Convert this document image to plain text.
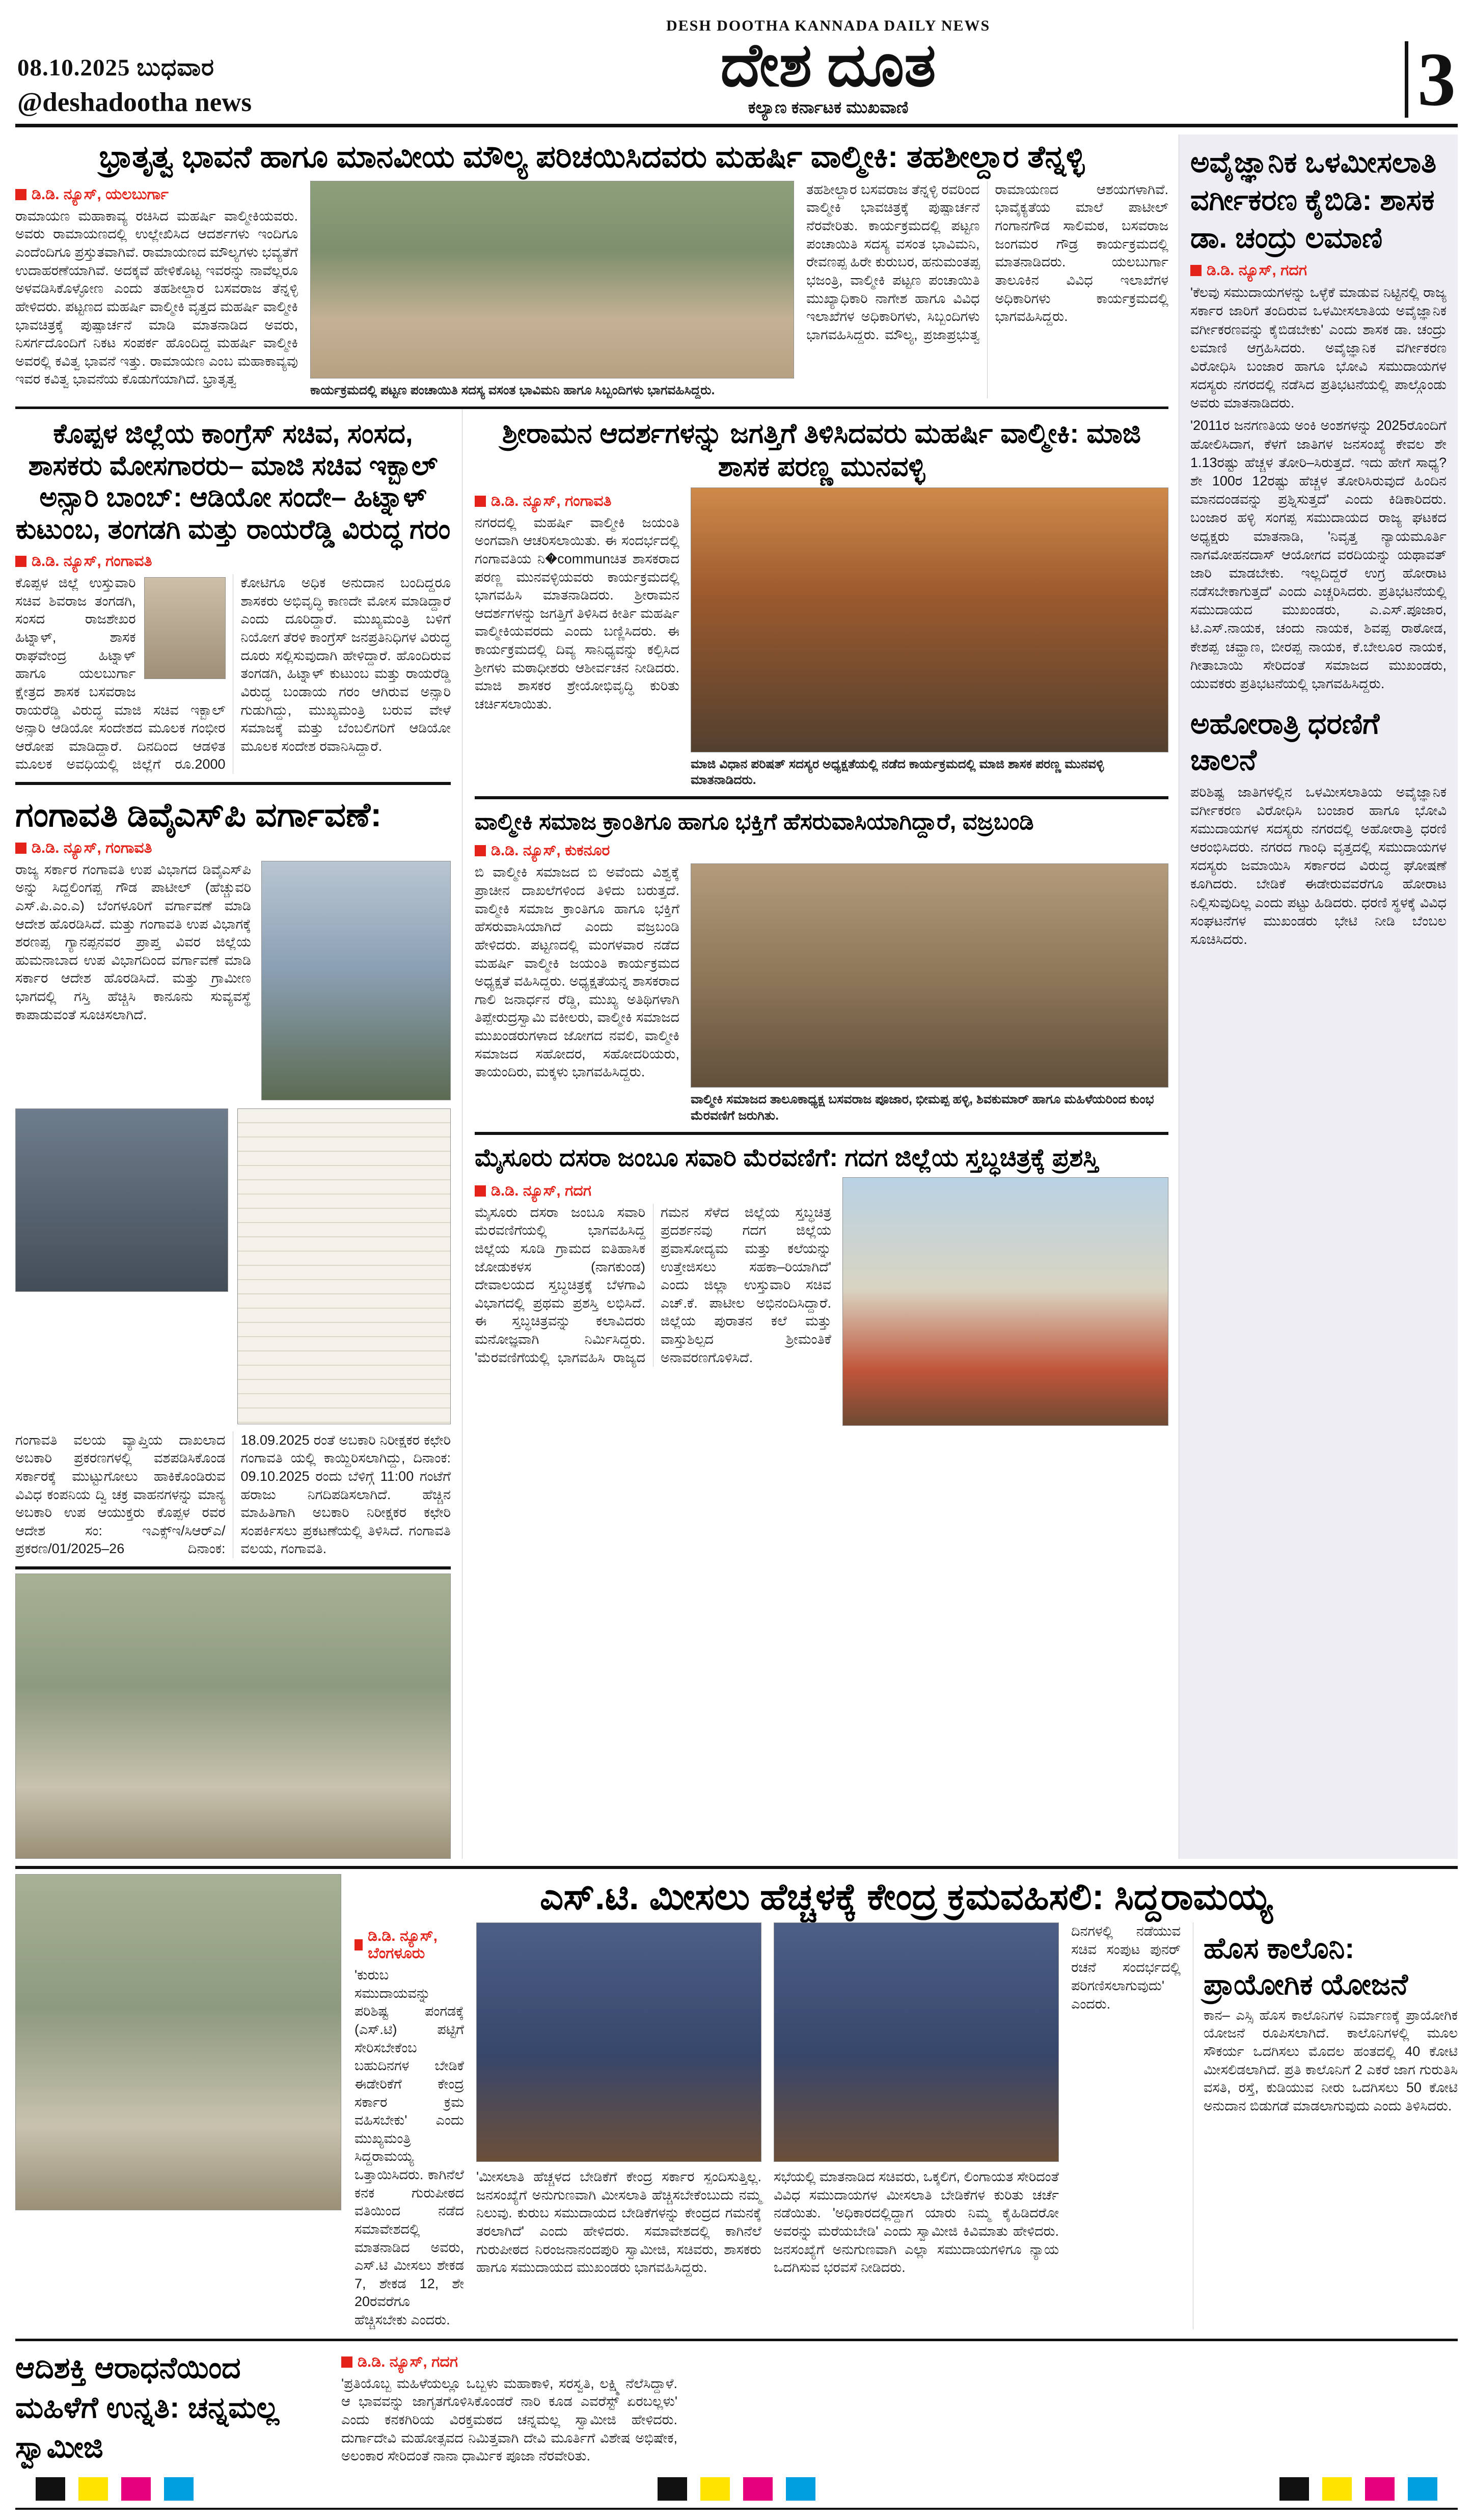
08.10.2025 ಬುಧವಾರ
@deshadootha news
DESH DOOTHA KANNADA DAILY NEWS
ದೇಶ ದೂತ
ಕಲ್ಯಾಣ ಕರ್ನಾಟಕ ಮುಖವಾಣಿ	3
ಭ್ರಾತೃತ್ವ ಭಾವನೆ ಹಾಗೂ ಮಾನವೀಯ ಮೌಲ್ಯ ಪರಿಚಯಿಸಿದವರು ಮಹರ್ಷಿ ವಾಲ್ಮೀಕಿ: ತಹಶೀಲ್ದಾರ ತೆನ್ನಳ್ಳಿ
ಡಿ.ಡಿ. ನ್ಯೂಸ್, ಯಲಬುರ್ಗಾ
ರಾಮಾಯಣ ಮಹಾಕಾವ್ಯ ರಚಿಸಿದ ಮಹರ್ಷಿ ವಾಲ್ಮೀಕಿಯವರು. ಅವರು ರಾಮಾಯಣದಲ್ಲಿ ಉಲ್ಲೇಖಿಸಿದ ಆದರ್ಶಗಳು ಇಂದಿಗೂ ಎಂದೆಂದಿಗೂ ಪ್ರಸ್ತುತವಾಗಿವೆ. ರಾಮಾಯಣದ ಮೌಲ್ಯಗಳು ಭವ್ಯತೆಗೆ ಉದಾಹರಣೆಯಾಗಿವೆ. ಅದಕ್ಕವೆ ಹೇಳಿಕೊಟ್ಟ ಇವರನ್ನು ನಾವೆಲ್ಲರೂ ಅಳವಡಿಸಿಕೊಳ್ಳೋಣ ಎಂದು ತಹಶೀಲ್ದಾರ ಬಸವರಾಜ ತೆನ್ನಳ್ಳಿ ಹೇಳಿದರು. ಪಟ್ಟಣದ ಮಹರ್ಷಿ ವಾಲ್ಮೀಕಿ ವೃತ್ತದ ಮಹರ್ಷಿ ವಾಲ್ಮೀಕಿ ಭಾವಚಿತ್ರಕ್ಕೆ ಪುಷ್ಪಾರ್ಚನೆ ಮಾಡಿ ಮಾತನಾಡಿದ ಅವರು, ನಿಸರ್ಗದೊಂದಿಗೆ ನಿಕಟ ಸಂಪರ್ಕ ಹೊಂದಿದ್ದ ಮಹರ್ಷಿ ವಾಲ್ಮೀಕಿ ಅವರಲ್ಲಿ ಕವಿತ್ವ ಭಾವನೆ ಇತ್ತು. ರಾಮಾಯಣ ಎಂಬ ಮಹಾಕಾವ್ಯವು ಇವರ ಕವಿತ್ವ ಭಾವನೆಯ ಕೊಡುಗೆಯಾಗಿದೆ. ಭ್ರಾತೃತ್ವ
ಕಾರ್ಯಕ್ರಮದಲ್ಲಿ ಪಟ್ಟಣ ಪಂಚಾಯಿತಿ ಸದಸ್ಯ ವಸಂತ ಭಾವಿಮನಿ ಹಾಗೂ ಸಿಬ್ಬಂದಿಗಳು ಭಾಗವಹಿಸಿದ್ದರು.
ತಹಶೀಲ್ದಾರ ಬಸವರಾಜ ತೆನ್ನಳ್ಳಿ ರವರಿಂದ ವಾಲ್ಮೀಕಿ ಭಾವಚಿತ್ರಕ್ಕೆ ಪುಷ್ಪಾರ್ಚನೆ ನೆರವೇರಿತು. ಕಾರ್ಯಕ್ರಮದಲ್ಲಿ ಪಟ್ಟಣ ಪಂಚಾಯಿತಿ ಸದಸ್ಯ ವಸಂತ ಭಾವಿಮನಿ, ರೇವಣಪ್ಪ ಹಿರೇ ಕುರುಬರ, ಹನುಮಂತಪ್ಪ ಭಜಂತ್ರಿ, ವಾಲ್ಮೀಕಿ ಪಟ್ಟಣ ಪಂಚಾಯಿತಿ ಮುಖ್ಯಾಧಿಕಾರಿ ನಾಗೇಶ ಹಾಗೂ ವಿವಿಧ ಇಲಾಖೆಗಳ ಅಧಿಕಾರಿಗಳು, ಸಿಬ್ಬಂದಿಗಳು ಭಾಗವಹಿಸಿದ್ದರು. ಮೌಲ್ಯ, ಪ್ರಜಾಪ್ರಭುತ್ವ ರಾಮಾಯಣದ ಆಶಯಗಳಾಗಿವೆ. ಭಾವೈಕ್ಯತೆಯ ಮಾಲೆ ಪಾಟೀಲ್ ಗಂಗಾನಗೌಡ ಸಾಲಿಮಠ, ಬಸವರಾಜ ಜಂಗಮರ ಗೌಡ್ರ ಕಾರ್ಯಕ್ರಮದಲ್ಲಿ ಮಾತನಾಡಿದರು. ಯಲಬುರ್ಗಾ ತಾಲೂಕಿನ ವಿವಿಧ ಇಲಾಖೆಗಳ ಅಧಿಕಾರಿಗಳು ಕಾರ್ಯಕ್ರಮದಲ್ಲಿ ಭಾಗವಹಿಸಿದ್ದರು.
ಕೊಪ್ಪಳ ಜಿಲ್ಲೆಯ ಕಾಂಗ್ರೆಸ್ ಸಚಿವ, ಸಂಸದ, ಶಾಸಕರು ಮೋಸಗಾರರು– ಮಾಜಿ ಸಚಿವ ಇಕ್ಬಾಲ್ ಅನ್ಸಾರಿ ಬಾಂಬ್: ಆಡಿಯೋ ಸಂದೇ– ಹಿಟ್ನಾಳ್ ಕುಟುಂಬ, ತಂಗಡಗಿ ಮತ್ತು ರಾಯರೆಡ್ಡಿ ವಿರುದ್ಧ ಗರಂ
ಡಿ.ಡಿ. ನ್ಯೂಸ್, ಗಂಗಾವತಿ
ಕೊಪ್ಪಳ ಜಿಲ್ಲೆ ಉಸ್ತುವಾರಿ ಸಚಿವ ಶಿವರಾಜ ತಂಗಡಗಿ, ಸಂಸದ ರಾಜಶೇಖರ ಹಿಟ್ನಾಳ್, ಶಾಸಕ ರಾಘವೇಂದ್ರ ಹಿಟ್ನಾಳ್ ಹಾಗೂ ಯಲಬುರ್ಗಾ ಕ್ಷೇತ್ರದ ಶಾಸಕ ಬಸವರಾಜ ರಾಯರೆಡ್ಡಿ ವಿರುದ್ಧ ಮಾಜಿ ಸಚಿವ ಇಕ್ಬಾಲ್ ಅನ್ಸಾರಿ ಆಡಿಯೋ ಸಂದೇಶದ ಮೂಲಕ ಗಂಭೀರ ಆರೋಪ ಮಾಡಿದ್ದಾರೆ. ದಿನದಿಂದ ಆಡಳಿತ ಮೂಲಕ ಅವಧಿಯಲ್ಲಿ ಜಿಲ್ಲೆಗೆ ರೂ.2000 ಕೋಟಿಗೂ ಅಧಿಕ ಅನುದಾನ ಬಂದಿದ್ದರೂ ಶಾಸಕರು ಅಭಿವೃದ್ಧಿ ಕಾಣದೇ ಮೋಸ ಮಾಡಿದ್ದಾರೆ ಎಂದು ದೂರಿದ್ದಾರೆ. ಮುಖ್ಯಮಂತ್ರಿ ಬಳಿಗೆ ನಿಯೋಗ ತೆರಳಿ ಕಾಂಗ್ರೆಸ್ ಜನಪ್ರತಿನಿಧಿಗಳ ವಿರುದ್ಧ ದೂರು ಸಲ್ಲಿಸುವುದಾಗಿ ಹೇಳಿದ್ದಾರೆ. ಹೊಂದಿರುವ ತಂಗಡಗಿ, ಹಿಟ್ನಾಳ್ ಕುಟುಂಬ ಮತ್ತು ರಾಯರೆಡ್ಡಿ ವಿರುದ್ಧ ಬಂಡಾಯ ಗರಂ ಆಗಿರುವ ಅನ್ಸಾರಿ ಗುಡುಗಿದ್ದು, ಮುಖ್ಯಮಂತ್ರಿ ಬರುವ ವೇಳೆ ಸಮಾಜಕ್ಕೆ ಮತ್ತು ಬೆಂಬಲಿಗರಿಗೆ ಆಡಿಯೋ ಮೂಲಕ ಸಂದೇಶ ರವಾನಿಸಿದ್ದಾರೆ.
ಗಂಗಾವತಿ ಡಿವೈಎಸ್‌ಪಿ ವರ್ಗಾವಣೆ:
ಡಿ.ಡಿ. ನ್ಯೂಸ್, ಗಂಗಾವತಿ
ರಾಜ್ಯ ಸರ್ಕಾರ ಗಂಗಾವತಿ ಉಪ ವಿಭಾಗದ ಡಿವೈಎಸ್‌ಪಿ ಅನ್ನು ಸಿದ್ದಲಿಂಗಪ್ಪ ಗೌಡ ಪಾಟೀಲ್ (ಹೆಚ್ಚುವರಿ ಎಸ್.ಪಿ.ಎಂ.ಎ) ಬೆಂಗಳೂರಿಗೆ ವರ್ಗಾವಣೆ ಮಾಡಿ ಆದೇಶ ಹೊರಡಿಸಿದೆ. ಮತ್ತು ಗಂಗಾವತಿ ಉಪ ವಿಭಾಗಕ್ಕೆ ಶರಣಪ್ಪ ಗ್ಯಾನಪ್ಪನವರ ಪ್ರಾಪ್ತ ವಿವರ ಜಿಲ್ಲೆಯ ಹುಮನಾಬಾದ ಉಪ ವಿಭಾಗದಿಂದ ವರ್ಗಾವಣೆ ಮಾಡಿ ಸರ್ಕಾರ ಆದೇಶ ಹೊರಡಿಸಿದೆ. ಮತ್ತು ಗ್ರಾಮೀಣ ಭಾಗದಲ್ಲಿ ಗಸ್ತಿ ಹೆಚ್ಚಿಸಿ ಕಾನೂನು ಸುವ್ಯವಸ್ಥೆ ಕಾಪಾಡುವಂತೆ ಸೂಚಿಸಲಾಗಿದೆ.
ಗಂಗಾವತಿ ವಲಯ ವ್ಯಾಪ್ತಿಯ ದಾಖಲಾದ ಅಬಕಾರಿ ಪ್ರಕರಣಗಳಲ್ಲಿ ವಶಪಡಿಸಿಕೊಂಡ ಸರ್ಕಾರಕ್ಕೆ ಮುಟ್ಟುಗೋಲು ಹಾಕಿಕೊಂಡಿರುವ ವಿವಿಧ ಕಂಪನಿಯ ದ್ವಿ ಚಕ್ರ ವಾಹನಗಳನ್ನು ಮಾನ್ಯ ಅಬಕಾರಿ ಉಪ ಆಯುಕ್ತರು ಕೊಪ್ಪಳ ರವರ ಆದೇಶ ಸಂ: ಇಎಕ್ಸ್‌ಇ/ಸಿಆರ್‌ಎ/ ಪ್ರಕರಣ/01/2025–26 ದಿನಾಂಕ: 18.09.2025 ರಂತೆ ಅಬಕಾರಿ ನಿರೀಕ್ಷಕರ ಕಛೇರಿ ಗಂಗಾವತಿ ಯಲ್ಲಿ ಕಾಯ್ದಿರಿಸಲಾಗಿದ್ದು, ದಿನಾಂಕ: 09.10.2025 ರಂದು ಬೆಳಿಗ್ಗೆ 11:00 ಗಂಟೆಗೆ ಹರಾಜು ನಿಗದಿಪಡಿಸಲಾಗಿದೆ. ಹೆಚ್ಚಿನ ಮಾಹಿತಿಗಾಗಿ ಅಬಕಾರಿ ನಿರೀಕ್ಷಕರ ಕಛೇರಿ ಸಂಪರ್ಕಿಸಲು ಪ್ರಕಟಣೆಯಲ್ಲಿ ತಿಳಿಸಿದೆ. ಗಂಗಾವತಿ ವಲಯ, ಗಂಗಾವತಿ.
ಶ್ರೀರಾಮನ ಆದರ್ಶಗಳನ್ನು ಜಗತ್ತಿಗೆ ತಿಳಿಸಿದವರು ಮಹರ್ಷಿ ವಾಲ್ಮೀಕಿ: ಮಾಜಿ ಶಾಸಕ ಪರಣ್ಣ ಮುನವಳ್ಳಿ
ಡಿ.ಡಿ. ನ್ಯೂಸ್, ಗಂಗಾವತಿ
ನಗರದಲ್ಲಿ ಮಹರ್ಷಿ ವಾಲ್ಮೀಕಿ ಜಯಂತಿ ಅಂಗವಾಗಿ ಆಚರಿಸಲಾಯಿತು. ಈ ಸಂದರ್ಭದಲ್ಲಿ ಗಂಗಾವತಿಯ ನಿ�communಚಿತ ಶಾಸಕರಾದ ಪರಣ್ಣ ಮುನವಳ್ಳಿಯವರು ಕಾರ್ಯಕ್ರಮದಲ್ಲಿ ಭಾಗವಹಿಸಿ ಮಾತನಾಡಿದರು. ಶ್ರೀರಾಮನ ಆದರ್ಶಗಳನ್ನು ಜಗತ್ತಿಗೆ ತಿಳಿಸಿದ ಕೀರ್ತಿ ಮಹರ್ಷಿ ವಾಲ್ಮೀಕಿಯವರದು ಎಂದು ಬಣ್ಣಿಸಿದರು. ಈ ಕಾರ್ಯಕ್ರಮದಲ್ಲಿ ದಿವ್ಯ ಸಾನಿಧ್ಯವನ್ನು ಕಲ್ಪಿಸಿದ ಶ್ರೀಗಳು ಮಠಾಧೀಶರು ಆಶೀರ್ವಚನ ನೀಡಿದರು. ಮಾಜಿ ಶಾಸಕರ ಶ್ರೇಯೋಭಿವೃದ್ಧಿ ಕುರಿತು ಚರ್ಚಿಸಲಾಯಿತು.
ಮಾಜಿ ವಿಧಾನ ಪರಿಷತ್ ಸದಸ್ಯರ ಅಧ್ಯಕ್ಷತೆಯಲ್ಲಿ ನಡೆದ ಕಾರ್ಯಕ್ರಮದಲ್ಲಿ ಮಾಜಿ ಶಾಸಕ ಪರಣ್ಣ ಮುನವಳ್ಳಿ ಮಾತನಾಡಿದರು.
ವಾಲ್ಮೀಕಿ ಸಮಾಜ ಕ್ರಾಂತಿಗೂ ಹಾಗೂ ಭಕ್ತಿಗೆ ಹೆಸರುವಾಸಿಯಾಗಿದ್ದಾರೆ, ವಜ್ರಬಂಡಿ
ಡಿ.ಡಿ. ನ್ಯೂಸ್, ಕುಕನೂರ
ಬಿ ವಾಲ್ಮೀಕಿ ಸಮಾಜದ ಬಿ ಅವೆಂದು ವಿಶ್ವಕ್ಕೆ ಪ್ರಾಚೀನ ದಾಖಲೆಗಳಿಂದ ತಿಳಿದು ಬರುತ್ತದೆ. ವಾಲ್ಮೀಕಿ ಸಮಾಜ ಕ್ರಾಂತಿಗೂ ಹಾಗೂ ಭಕ್ತಿಗೆ ಹೆಸರುವಾಸಿಯಾಗಿದೆ ಎಂದು ವಜ್ರಬಂಡಿ ಹೇಳಿದರು. ಪಟ್ಟಣದಲ್ಲಿ ಮಂಗಳವಾರ ನಡೆದ ಮಹರ್ಷಿ ವಾಲ್ಮೀಕಿ ಜಯಂತಿ ಕಾರ್ಯಕ್ರಮದ ಅಧ್ಯಕ್ಷತೆ ವಹಿಸಿದ್ದರು. ಅಧ್ಯಕ್ಷತೆಯನ್ನ ಶಾಸಕರಾದ ಗಾಲಿ ಜನಾರ್ಧನ ರೆಡ್ಡಿ, ಮುಖ್ಯ ಅತಿಥಿಗಳಾಗಿ ತಿಪ್ಪೇರುದ್ರಸ್ವಾಮಿ ವಕೀಲರು, ವಾಲ್ಮೀಕಿ ಸಮಾಜದ ಮುಖಂಡರುಗಳಾದ ಜೋಗದ ನವಲಿ, ವಾಲ್ಮೀಕಿ ಸಮಾಜದ ಸಹೋದರ, ಸಹೋದರಿಯರು, ತಾಯಂದಿರು, ಮಕ್ಕಳು ಭಾಗವಹಿಸಿದ್ದರು.
ವಾಲ್ಮೀಕಿ ಸಮಾಜದ ತಾಲೂಕಾಧ್ಯಕ್ಷ ಬಸವರಾಜ ಪೂಜಾರ, ಭೀಮಪ್ಪ ಹಳ್ಳಿ, ಶಿವಕುಮಾರ್ ಹಾಗೂ ಮಹಿಳೆಯರಿಂದ ಕುಂಭ ಮೆರವಣಿಗೆ ಜರುಗಿತು.
ಮೈಸೂರು ದಸರಾ ಜಂಬೂ ಸವಾರಿ ಮೆರವಣಿಗೆ: ಗದಗ ಜಿಲ್ಲೆಯ ಸ್ತಬ್ಧಚಿತ್ರಕ್ಕೆ ಪ್ರಶಸ್ತಿ
ಡಿ.ಡಿ. ನ್ಯೂಸ್, ಗದಗ
ಮೈಸೂರು ದಸರಾ ಜಂಬೂ ಸವಾರಿ ಮೆರವಣಿಗೆಯಲ್ಲಿ ಭಾಗವಹಿಸಿದ್ದ ಜಿಲ್ಲೆಯ ಸೂಡಿ ಗ್ರಾಮದ ಐತಿಹಾಸಿಕ ಜೋಡುಕಳಸ (ನಾಗಕುಂಡ) ದೇವಾಲಯದ ಸ್ತಬ್ಧಚಿತ್ರಕ್ಕೆ ಬೆಳಗಾವಿ ವಿಭಾಗದಲ್ಲಿ ಪ್ರಥಮ ಪ್ರಶಸ್ತಿ ಲಭಿಸಿದೆ. ಈ ಸ್ತಬ್ಧಚಿತ್ರವನ್ನು ಕಲಾವಿದರು ಮನೋಜ್ಞವಾಗಿ ನಿರ್ಮಿಸಿದ್ದರು. 'ಮೆರವಣಿಗೆಯಲ್ಲಿ ಭಾಗವಹಿಸಿ ರಾಜ್ಯದ ಗಮನ ಸೆಳೆದ ಜಿಲ್ಲೆಯ ಸ್ತಬ್ಧಚಿತ್ರ ಪ್ರದರ್ಶನವು ಗದಗ ಜಿಲ್ಲೆಯ ಪ್ರವಾಸೋದ್ಯಮ ಮತ್ತು ಕಲೆಯನ್ನು ಉತ್ತೇಜಿಸಲು ಸಹಕಾ–ರಿಯಾಗಿದೆ' ಎಂದು ಜಿಲ್ಲಾ ಉಸ್ತುವಾರಿ ಸಚಿವ ಎಚ್.ಕೆ. ಪಾಟೀಲ ಅಭಿನಂದಿಸಿದ್ದಾರೆ. ಜಿಲ್ಲೆಯ ಪುರಾತನ ಕಲೆ ಮತ್ತು ವಾಸ್ತುಶಿಲ್ಪದ ಶ್ರೀಮಂತಿಕೆ ಅನಾವರಣಗೊಳಿಸಿದೆ.
ಅವೈಜ್ಞಾನಿಕ ಒಳಮೀಸಲಾತಿ ವರ್ಗೀಕರಣ ಕೈಬಿಡಿ: ಶಾಸಕ ಡಾ. ಚಂದ್ರು ಲಮಾಣಿ
ಡಿ.ಡಿ. ನ್ಯೂಸ್, ಗದಗ
'ಕೆಲವು ಸಮುದಾಯಗಳನ್ನು ಒಳ್ಳೆಕೆ ಮಾಡುವ ನಿಟ್ಟಿನಲ್ಲಿ ರಾಜ್ಯ ಸರ್ಕಾರ ಜಾರಿಗೆ ತಂದಿರುವ ಒಳಮೀಸಲಾತಿಯ ಅವೈಜ್ಞಾನಿಕ ವರ್ಗೀಕರಣವನ್ನು ಕೈಬಿಡಬೇಕು' ಎಂದು ಶಾಸಕ ಡಾ. ಚಂದ್ರು ಲಮಾಣಿ ಆಗ್ರಹಿಸಿದರು. ಅವೈಜ್ಞಾನಿಕ ವರ್ಗೀಕರಣ ವಿರೋಧಿಸಿ ಬಂಜಾರ ಹಾಗೂ ಭೋವಿ ಸಮುದಾಯಗಳ ಸದಸ್ಯರು ನಗರದಲ್ಲಿ ನಡೆಸಿದ ಪ್ರತಿಭಟನೆಯಲ್ಲಿ ಪಾಲ್ಗೊಂಡು ಅವರು ಮಾತನಾಡಿದರು.
'2011ರ ಜನಗಣತಿಯ ಅಂಕಿ ಅಂಶಗಳನ್ನು 2025ರೊಂದಿಗೆ ಹೋಲಿಸಿದಾಗ, ಕೆಳಗೆ ಜಾತಿಗಳ ಜನಸಂಖ್ಯೆ ಕೇವಲ ಶೇ 1.13ರಷ್ಟು ಹೆಚ್ಚಳ ತೋರಿ–ಸಿರುತ್ತದೆ. ಇದು ಹೇಗೆ ಸಾಧ್ಯ? ಶೇ 100ರ 12ರಷ್ಟು ಹೆಚ್ಚಳ ತೋರಿಸಿರುವುದೆ ಹಿಂದಿನ ಮಾನದಂಡವನ್ನು ಪ್ರಶ್ನಿಸುತ್ತದೆ' ಎಂದು ಕಿಡಿಕಾರಿದರು. ಬಂಜಾರ ಹಳ್ಳಿ ಸಂಗಪ್ಪ ಸಮುದಾಯದ ರಾಜ್ಯ ಘಟಕದ ಅಧ್ಯಕ್ಷರು ಮಾತನಾಡಿ, 'ನಿವೃತ್ತ ನ್ಯಾಯಮೂರ್ತಿ ನಾಗಮೋಹನದಾಸ್ ಆಯೋಗದ ವರದಿಯನ್ನು ಯಥಾವತ್ ಜಾರಿ ಮಾಡಬೇಕು. ಇಲ್ಲದಿದ್ದರೆ ಉಗ್ರ ಹೋರಾಟ ನಡೆಸಬೇಕಾಗುತ್ತದೆ' ಎಂದು ಎಚ್ಚರಿಸಿದರು. ಪ್ರತಿಭಟನೆಯಲ್ಲಿ ಸಮುದಾಯದ ಮುಖಂಡರು, ಎ.ಎಸ್.ಪೂಜಾರ, ಟಿ.ಎಸ್.ನಾಯಕ, ಚಂದು ನಾಯಕ, ಶಿವಪ್ಪ ರಾಠೋಡ, ಕೇಶಪ್ಪ ಚವ್ಹಾಣ, ಬೀರಪ್ಪ ನಾಯಕ, ಕೆ.ಬೇಲೂರ ನಾಯಕ, ಗೀತಾಬಾಯಿ ಸೇರಿದಂತೆ ಸಮಾಜದ ಮುಖಂಡರು, ಯುವಕರು ಪ್ರತಿಭಟನೆಯಲ್ಲಿ ಭಾಗವಹಿಸಿದ್ದರು.
ಅಹೋರಾತ್ರಿ ಧರಣಿಗೆ ಚಾಲನೆ
ಪರಿಶಿಷ್ಟ ಜಾತಿಗಳಲ್ಲಿನ ಒಳಮೀಸಲಾತಿಯ ಅವೈಜ್ಞಾನಿಕ ವರ್ಗೀಕರಣ ವಿರೋಧಿಸಿ ಬಂಜಾರ ಹಾಗೂ ಭೋವಿ ಸಮುದಾಯಗಳ ಸದಸ್ಯರು ನಗರದಲ್ಲಿ ಅಹೋರಾತ್ರಿ ಧರಣಿ ಆರಂಭಿಸಿದರು. ನಗರದ ಗಾಂಧಿ ವೃತ್ತದಲ್ಲಿ ಸಮುದಾಯಗಳ ಸದಸ್ಯರು ಜಮಾಯಿಸಿ ಸರ್ಕಾರದ ವಿರುದ್ಧ ಘೋಷಣೆ ಕೂಗಿದರು. ಬೇಡಿಕೆ ಈಡೇರುವವರೆಗೂ ಹೋರಾಟ ನಿಲ್ಲಿಸುವುದಿಲ್ಲ ಎಂದು ಪಟ್ಟು ಹಿಡಿದರು. ಧರಣಿ ಸ್ಥಳಕ್ಕೆ ವಿವಿಧ ಸಂಘಟನೆಗಳ ಮುಖಂಡರು ಭೇಟಿ ನೀಡಿ ಬೆಂಬಲ ಸೂಚಿಸಿದರು.
ಎಸ್.ಟಿ. ಮೀಸಲು ಹೆಚ್ಚಳಕ್ಕೆ ಕೇಂದ್ರ ಕ್ರಮವಹಿಸಲಿ: ಸಿದ್ದರಾಮಯ್ಯ
ಡಿ.ಡಿ. ನ್ಯೂಸ್, ಬೆಂಗಳೂರು
'ಕುರುಬ ಸಮುದಾಯವನ್ನು ಪರಿಶಿಷ್ಟ ಪಂಗಡಕ್ಕೆ (ಎಸ್.ಟಿ) ಪಟ್ಟಿಗೆ ಸೇರಿಸಬೇಕೆಂಬ ಬಹುದಿನಗಳ ಬೇಡಿಕೆ ಈಡೇರಿಕೆಗೆ ಕೇಂದ್ರ ಸರ್ಕಾರ ಕ್ರಮ ವಹಿಸಬೇಕು' ಎಂದು ಮುಖ್ಯಮಂತ್ರಿ ಸಿದ್ದರಾಮಯ್ಯ ಒತ್ತಾಯಿಸಿದರು. ಕಾಗಿನೆಲೆ ಕನಕ ಗುರುಪೀಠದ ವತಿಯಿಂದ ನಡೆದ ಸಮಾವೇಶದಲ್ಲಿ ಮಾತನಾಡಿದ ಅವರು, ಎಸ್.ಟಿ ಮೀಸಲು ಶೇಕಡ 7, ಶೇಕಡ 12, ಶೇ 20ರವರೆಗೂ ಹೆಚ್ಚಿಸಬೇಕು ಎಂದರು.
'ಮೀಸಲಾತಿ ಹೆಚ್ಚಳದ ಬೇಡಿಕೆಗೆ ಕೇಂದ್ರ ಸರ್ಕಾರ ಸ್ಪಂದಿಸುತ್ತಿಲ್ಲ. ಜನಸಂಖ್ಯೆಗೆ ಅನುಗುಣವಾಗಿ ಮೀಸಲಾತಿ ಹೆಚ್ಚಿಸಬೇಕೆಂಬುದು ನಮ್ಮ ನಿಲುವು. ಕುರುಬ ಸಮುದಾಯದ ಬೇಡಿಕೆಗಳನ್ನು ಕೇಂದ್ರದ ಗಮನಕ್ಕೆ ತರಲಾಗಿದೆ' ಎಂದು ಹೇಳಿದರು. ಸಮಾವೇಶದಲ್ಲಿ ಕಾಗಿನೆಲೆ ಗುರುಪೀಠದ ನಿರಂಜನಾನಂದಪುರಿ ಸ್ವಾಮೀಜಿ, ಸಚಿವರು, ಶಾಸಕರು ಹಾಗೂ ಸಮುದಾಯದ ಮುಖಂಡರು ಭಾಗವಹಿಸಿದ್ದರು.
ಸಭೆಯಲ್ಲಿ ಮಾತನಾಡಿದ ಸಚಿವರು, ಒಕ್ಕಲಿಗ, ಲಿಂಗಾಯತ ಸೇರಿದಂತೆ ವಿವಿಧ ಸಮುದಾಯಗಳ ಮೀಸಲಾತಿ ಬೇಡಿಕೆಗಳ ಕುರಿತು ಚರ್ಚೆ ನಡೆಯಿತು. 'ಅಧಿಕಾರದಲ್ಲಿದ್ದಾಗ ಯಾರು ನಿಮ್ಮ ಕೈಹಿಡಿದರೋ ಅವರನ್ನು ಮರೆಯಬೇಡಿ' ಎಂದು ಸ್ವಾಮೀಜಿ ಕಿವಿಮಾತು ಹೇಳಿದರು. ಜನಸಂಖ್ಯೆಗೆ ಅನುಗುಣವಾಗಿ ಎಲ್ಲಾ ಸಮುದಾಯಗಳಿಗೂ ನ್ಯಾಯ ಒದಗಿಸುವ ಭರವಸೆ ನೀಡಿದರು.
ದಿನಗಳಲ್ಲಿ ನಡೆಯುವ ಸಚಿವ ಸಂಪುಟ ಪುನರ್ ರಚನೆ ಸಂದರ್ಭದಲ್ಲಿ ಪರಿಗಣಿಸಲಾಗುವುದು' ಎಂದರು.
ಹೊಸ ಕಾಲೊನಿ:
ಪ್ರಾಯೋಗಿಕ ಯೋಜನೆ
ಕಾನ– ಎಸ್ಸಿ ಹೊಸ ಕಾಲೊನಿಗಳ ನಿರ್ಮಾಣಕ್ಕೆ ಪ್ರಾಯೋಗಿಕ ಯೋಜನೆ ರೂಪಿಸಲಾಗಿದೆ. ಕಾಲೊನಿಗಳಲ್ಲಿ ಮೂಲ ಸೌಕರ್ಯ ಒದಗಿಸಲು ಮೊದಲ ಹಂತದಲ್ಲಿ 40 ಕೋಟಿ ಮೀಸಲಿಡಲಾಗಿದೆ. ಪ್ರತಿ ಕಾಲೊನಿಗೆ 2 ಎಕರೆ ಜಾಗ ಗುರುತಿಸಿ ವಸತಿ, ರಸ್ತೆ, ಕುಡಿಯುವ ನೀರು ಒದಗಿಸಲು 50 ಕೋಟಿ ಅನುದಾನ ಬಿಡುಗಡೆ ಮಾಡಲಾಗುವುದು ಎಂದು ತಿಳಿಸಿದರು.
ಆದಿಶಕ್ತಿ ಆರಾಧನೆಯಿಂದ ಮಹಿಳೆಗೆ ಉನ್ನತಿ: ಚನ್ನಮಲ್ಲ ಸ್ವಾಮೀಜಿ
ಡಿ.ಡಿ. ನ್ಯೂಸ್, ಗದಗ
'ಪ್ರತಿಯೊಬ್ಬ ಮಹಿಳೆಯಲ್ಲೂ ಒಬ್ಬಳು ಮಹಾಕಾಳಿ, ಸರಸ್ವತಿ, ಲಕ್ಷ್ಮಿ ನೆಲೆಸಿದ್ದಾಳೆ. ಆ ಭಾವವನ್ನು ಜಾಗೃತಗೊಳಿಸಿಕೊಂಡರೆ ನಾರಿ ಕೂಡ ಎವರೆಸ್ಟ್ ಏರಬಲ್ಲಳು' ಎಂದು ಕನಕಗಿರಿಯ ವಿರಕ್ತಮಠದ ಚನ್ನಮಲ್ಲ ಸ್ವಾಮೀಜಿ ಹೇಳಿದರು. ದುರ್ಗಾದೇವಿ ಮಹೋತ್ಸವದ ನಿಮಿತ್ತವಾಗಿ ದೇವಿ ಮೂರ್ತಿಗೆ ವಿಶೇಷ ಅಭಿಷೇಕ, ಅಲಂಕಾರ ಸೇರಿದಂತೆ ನಾನಾ ಧಾರ್ಮಿಕ ಪೂಜಾ ನೆರವೇರಿತು.
